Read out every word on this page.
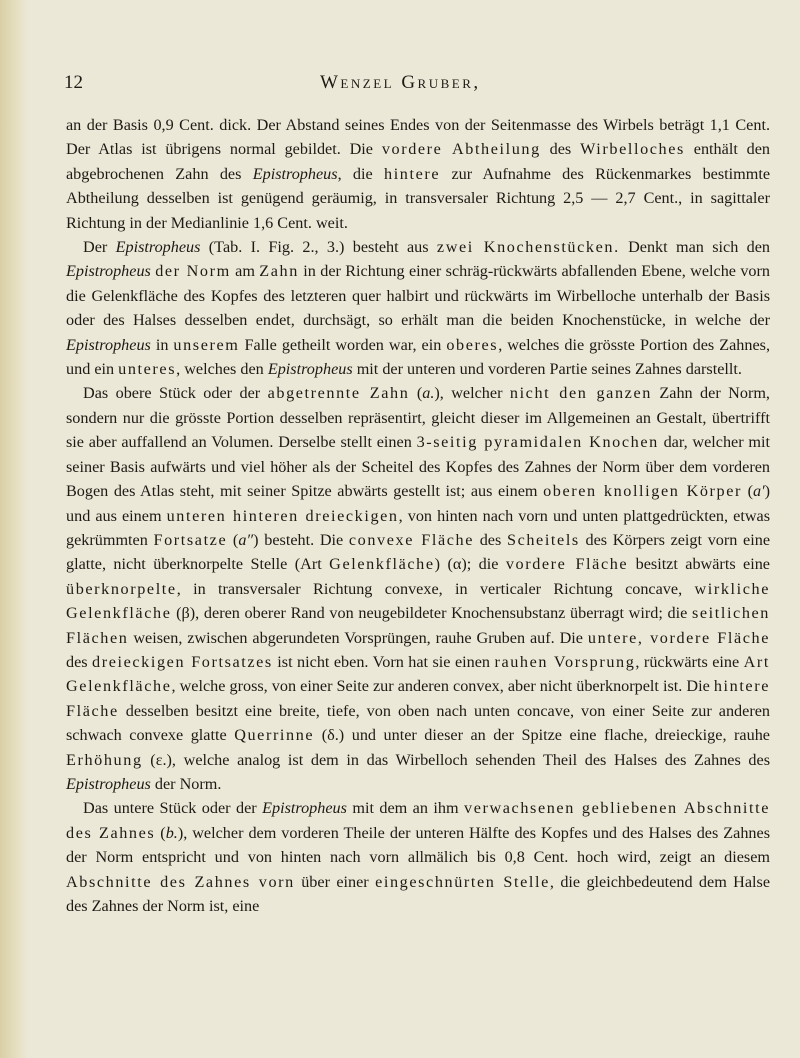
12	Wenzel Gruber,

an der Basis 0,9 Cent. dick. Der Abstand seines Endes von der Seitenmasse des Wirbels beträgt 1,1 Cent. Der Atlas ist übrigens normal gebildet. Die vordere Abtheilung des Wirbelloches enthält den abgebrochenen Zahn des Epistropheus, die hintere zur Aufnahme des Rückenmarkes bestimmte Abtheilung desselben ist genügend geräumig, in transversaler Richtung 2,5 — 2,7 Cent., in sagittaler Richtung in der Medianlinie 1,6 Cent. weit.

Der Epistropheus (Tab. I. Fig. 2., 3.) besteht aus zwei Knochenstücken. Denkt man sich den Epistropheus der Norm am Zahn in der Richtung einer schräg-rückwärts abfallenden Ebene, welche vorn die Gelenkfläche des Kopfes des letzteren quer halbirt und rückwärts im Wirbelloche unterhalb der Basis oder des Halses desselben endet, durchsägt, so erhält man die beiden Knochenstücke, in welche der Epistropheus in unserem Falle getheilt worden war, ein oberes, welches die grösste Portion des Zahnes, und ein unteres, welches den Epistropheus mit der unteren und vorderen Partie seines Zahnes darstellt.

Das obere Stück oder der abgetrennte Zahn (a.), welcher nicht den ganzen Zahn der Norm, sondern nur die grösste Portion desselben repräsentirt, gleicht dieser im Allgemeinen an Gestalt, übertrifft sie aber auffallend an Volumen. Derselbe stellt einen 3-seitig pyramidalen Knochen dar, welcher mit seiner Basis aufwärts und viel höher als der Scheitel des Kopfes des Zahnes der Norm über dem vorderen Bogen des Atlas steht, mit seiner Spitze abwärts gestellt ist; aus einem oberen knolligen Körper (a′) und aus einem unteren hinteren dreieckigen, von hinten nach vorn und unten plattgedrückten, etwas gekrümmten Fortsatze (a″) besteht. Die convexe Fläche des Scheitels des Körpers zeigt vorn eine glatte, nicht überknorpelte Stelle (Art Gelenkfläche) (α); die vordere Fläche besitzt abwärts eine überknorpelte, in transversaler Richtung convexe, in verticaler Richtung concave, wirkliche Gelenkfläche (β), deren oberer Rand von neugebildeter Knochensubstanz überragt wird; die seitlichen Flächen weisen, zwischen abgerundeten Vorsprüngen, rauhe Gruben auf. Die untere, vordere Fläche des dreieckigen Fortsatzes ist nicht eben. Vorn hat sie einen rauhen Vorsprung, rückwärts eine Art Gelenkfläche, welche gross, von einer Seite zur anderen convex, aber nicht überknorpelt ist. Die hintere Fläche desselben besitzt eine breite, tiefe, von oben nach unten concave, von einer Seite zur anderen schwach convexe glatte Querrinne (δ.) und unter dieser an der Spitze eine flache, dreieckige, rauhe Erhöhung (ε.), welche analog ist dem in das Wirbelloch sehenden Theil des Halses des Zahnes des Epistropheus der Norm.

Das untere Stück oder der Epistropheus mit dem an ihm verwachsenen gebliebenen Abschnitte des Zahnes (b.), welcher dem vorderen Theile der unteren Hälfte des Kopfes und des Halses des Zahnes der Norm entspricht und von hinten nach vorn allmälich bis 0,8 Cent. hoch wird, zeigt an diesem Abschnitte des Zahnes vorn über einer eingeschnürten Stelle, die gleichbedeutend dem Halse des Zahnes der Norm ist, eine
